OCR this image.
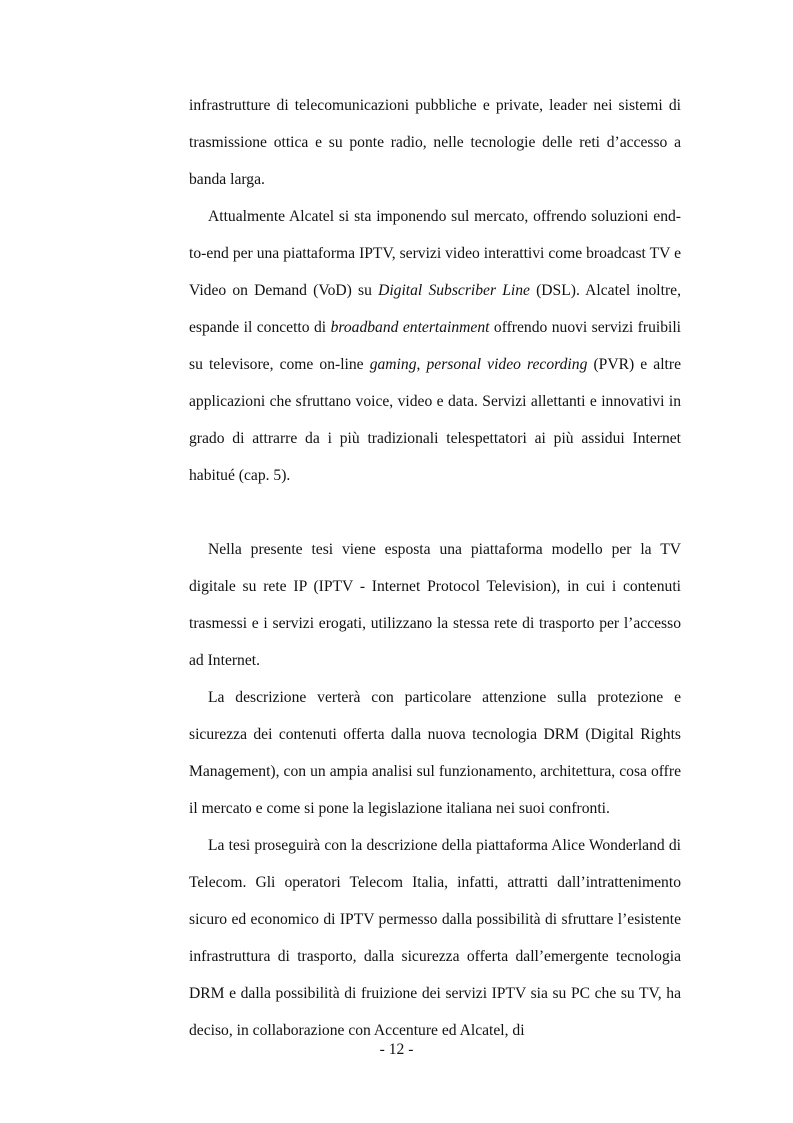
infrastrutture di telecomunicazioni pubbliche e private, leader nei sistemi di trasmissione ottica e su ponte radio, nelle tecnologie delle reti d’accesso a banda larga.

Attualmente Alcatel si sta imponendo sul mercato, offrendo soluzioni end-to-end per una piattaforma IPTV, servizi video interattivi come broadcast TV e Video on Demand (VoD) su Digital Subscriber Line (DSL). Alcatel inoltre, espande il concetto di broadband entertainment offrendo nuovi servizi fruibili su televisore, come on-line gaming, personal video recording (PVR) e altre applicazioni che sfruttano voice, video e data. Servizi allettanti e innovativi in grado di attrarre da i più tradizionali telespettatori ai più assidui Internet habitué (cap. 5).

Nella presente tesi viene esposta una piattaforma modello per la TV digitale su rete IP (IPTV - Internet Protocol Television), in cui i contenuti trasmessi e i servizi erogati, utilizzano la stessa rete di trasporto per l’accesso ad Internet.

La descrizione verterà con particolare attenzione sulla protezione e sicurezza dei contenuti offerta dalla nuova tecnologia DRM (Digital Rights Management), con un ampia analisi sul funzionamento, architettura, cosa offre il mercato e come si pone la legislazione italiana nei suoi confronti.

La tesi proseguirà con la descrizione della piattaforma Alice Wonderland di Telecom. Gli operatori Telecom Italia, infatti, attratti dall’intrattenimento sicuro ed economico di IPTV permesso dalla possibilità di sfruttare l’esistente infrastruttura di trasporto, dalla sicurezza offerta dall’emergente tecnologia DRM e dalla possibilità di fruizione dei servizi IPTV sia su PC che su TV, ha deciso, in collaborazione con Accenture ed Alcatel, di

- 12 -
